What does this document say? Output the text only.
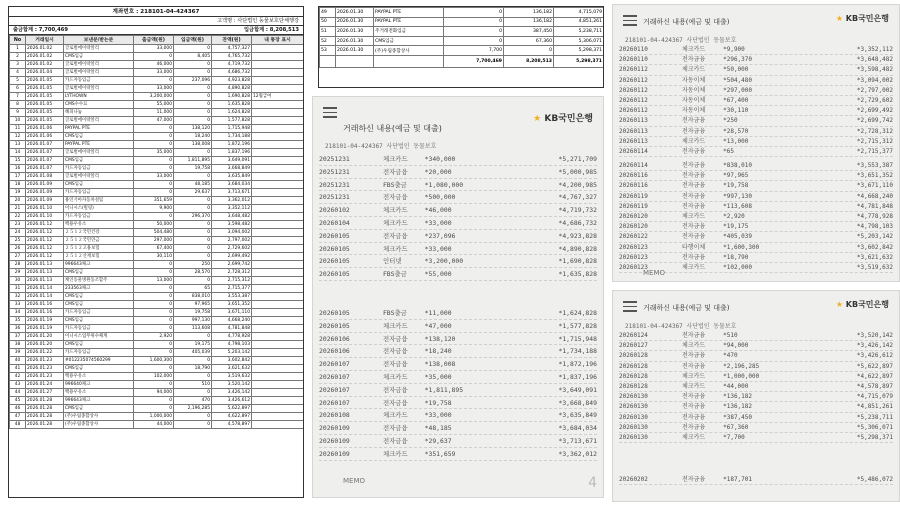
계좌번호 : 218101-04-424367
고객명 : 사단법인 동물보호단체행강
출금합계 : 7,700,469	입금합계 : 8,208,513
No	거래일시	보낸분/받는분	출금액(원)	입금액(원)	잔액(원)	내 통장 표시
1	2026.01.02	글로벌에이락알리	33,000	0	4,757,327	
2	2026.01.02	CMS입금	0	8,405	4,765,732	
3	2026.01.02	글로벌에이락알리	46,000	0	4,719,732	
4	2026.01.04	글로벌에이락알리	33,000	0	4,686,732	
5	2026.01.05	카드자동입금	0	237,096	4,923,828	
6	2026.01.05	글로벌에이락알리	33,000	0	4,890,828	
7	2026.01.05	LYTHOWN	3,200,000	0	1,690,828	12월급여
8	2026.01.05	CMS수수료	55,000	0	1,635,828	
9	2026.01.05	해피나눔	11,000	0	1,624,828	
10	2026.01.05	글로벌에이락알리	47,000	0	1,577,828	
11	2026.01.06	PAYPAL PTE	0	138,120	1,715,948	
12	2026.01.06	CMS입금	0	18,240	1,734,188	
13	2026.01.07	PAYPAL PTE	0	138,008	1,872,196	
14	2026.01.07	글로벌에이락알리	35,000	0	1,837,196	
15	2026.01.07	CMS입금	0	1,811,895	3,649,091	
16	2026.01.07	카드자동입금	0	19,758	3,668,849	
17	2026.01.08	글로벌에이락알리	33,000	0	3,635,849	
18	2026.01.09	CMS입금	0	48,185	3,684,034	
19	2026.01.09	카드자동입금	0	29,637	3,713,671	
20	2026.01.09	용인기아자동차설립	351,659	0	3,362,012	
21	2026.01.10	이니시스(빌링)	9,900	0	3,352,112	
22	2026.01.10	카드자동입금	0	296,370	3,648,482	
23	2026.01.12	백용우유소	50,000	0	3,598,482	
24	2026.01.12	２５１２국민건강	504,480	0	3,094,002	
25	2026.01.12	２５１２국민연금	297,000	0	2,797,002	
26	2026.01.12	２５１２고용보험	67,400	0	2,729,602	
27	2026.01.12	２５１２산재보험	30,110	0	2,699,492	
28	2026.01.13	996643채크	0	250	2,699,742	
29	2026.01.13	CMS입금	0	28,570	2,728,312	
30	2026.01.13	케인동물병원동조합주	13,000	0	2,715,312	
31	2026.01.14	233563채크	0	65	2,715,377	
32	2026.01.14	CMS입금	0	838,010	3,553,387	
33	2026.01.16	CMS입금	0	97,965	3,651,352	
34	2026.01.16	카드자동입금	0	19,758	3,671,110	
35	2026.01.19	CMS입금	0	997,130	4,668,240	
36	2026.01.19	카드자동입금	0	113,608	4,781,848	
37	2026.01.20	이니시스업무위수체계	2,920	0	4,778,928	
38	2026.01.20	CMS입금	0	19,175	4,798,103	
39	2026.01.22	카드자동입금	0	405,039	5,203,142	
40	2026.01.23	#012235074560299	1,600,300	0	3,602,842	
41	2026.01.23	CMS입금	0	18,790	3,621,632	
42	2026.01.23	백용우유소	102,000	0	3,519,632	
43	2026.01.24	996640채크	0	510	3,520,142	
44	2026.01.27	백용우유소	94,000	0	3,426,142	
45	2026.01.28	996643채크	0	470	3,426,612	
46	2026.01.28	CMS입금	0	2,196,285	5,622,897	
47	2026.01.28	(주)우림종합상사	1,000,000	0	4,622,897	
48	2026.01.28	(주)우림종합상사	44,000	0	4,578,897	
49	2026.01.30	PAYPAL PTE	0	136,182	4,715,079
50	2026.01.30	PAYPAL PTE	0	136,182	4,851,261
51	2026.01.30	주거래전화입금	0	387,450	5,238,711
52	2026.01.30	CMS입금	0	67,360	5,306,071
53	2026.01.30	(주)우림종합상사	7,700	0	5,298,371
			7,700,469	8,208,513	5,298,371
거래하신 내용(예금 및 대출)
★ KB국민은행
218101-04-424367 사단법인 동물보호
20251231	체크카드	*340,000	*5,271,709
20251231	전자금융	*20,000	*5,000,985
20251231	FBS출금	*1,080,000	*4,200,985
20251231	전자금융	*500,000	*4,767,327
20260102	체크카드	*46,000	*4,719,732
20260104	체크카드	*33,000	*4,686,732
20260105	전자금융	*237,096	*4,923,828
20260105	체크카드	*33,000	*4,890,828
20260105	인터넷	*3,200,000	*1,690,828
20260105	FBS출금	*55,000	*1,635,828
20260105	FBS출금	*11,000	*1,624,828
20260105	체크카드	*47,000	*1,577,828
20260106	전자금융	*138,120	*1,715,948
20260106	전자금융	*18,240	*1,734,188
20260107	전자금융	*138,008	*1,872,196
20260107	체크카드	*35,000	*1,837,196
20260107	전자금융	*1,811,895	*3,649,091
20260107	전자금융	*19,758	*3,668,849
20260108	체크카드	*33,000	*3,635,849
20260109	전자금융	*48,185	*3,684,034
20260109	전자금융	*29,637	*3,713,671
20260109	체크카드	*351,659	*3,362,012
MEMO	4
거래하신 내용(예금 및 대출)	★ KB국민은행
218101-04-424367 사단법인 동물보호
20260110	체크카드	*9,900	*3,352,112
20260110	전자금융	*296,370	*3,648,482
20260112	체크카드	*50,000	*3,598,482
20260112	자동이체	*504,480	*3,094,002
20260112	자동이체	*297,000	*2,797,002
20260112	자동이체	*67,400	*2,729,602
20260112	자동이체	*30,110	*2,699,492
20260113	전자금융	*250	*2,699,742
20260113	전자금융	*28,570	*2,728,312
20260113	체크카드	*13,000	*2,715,312
20260114	전자금융	*65	*2,715,377
20260114	전자금융	*838,010	*3,553,387
20260116	전자금융	*97,965	*3,651,352
20260116	전자금융	*19,758	*3,671,110
20260119	전자금융	*997,130	*4,668,240
20260119	전자금융	*113,608	*4,781,848
20260120	체크카드	*2,920	*4,778,928
20260120	전자금융	*19,175	*4,798,103
20260122	전자금융	*405,039	*5,203,142
20260123	타행이체	*1,600,300	*3,602,842
20260123	전자금융	*18,790	*3,621,632
20260123	체크카드	*102,000	*3,519,632
MEMO
거래하신 내용(예금 및 대출)	★ KB국민은행
218101-04-424367 사단법인 동물보호
20260124	전자금융	*510	*3,520,142
20260127	체크카드	*94,000	*3,426,142
20260128	전자금융	*470	*3,426,612
20260128	전자금융	*2,196,285	*5,622,897
20260128	체크카드	*1,000,000	*4,622,897
20260128	체크카드	*44,000	*4,578,897
20260130	전자금융	*136,182	*4,715,079
20260130	전자금융	*136,182	*4,851,261
20260130	전자금융	*387,450	*5,238,711
20260130	전자금융	*67,360	*5,306,071
20260130	체크카드	*7,700	*5,298,371
20260202	전자금융	*187,701	*5,486,072
